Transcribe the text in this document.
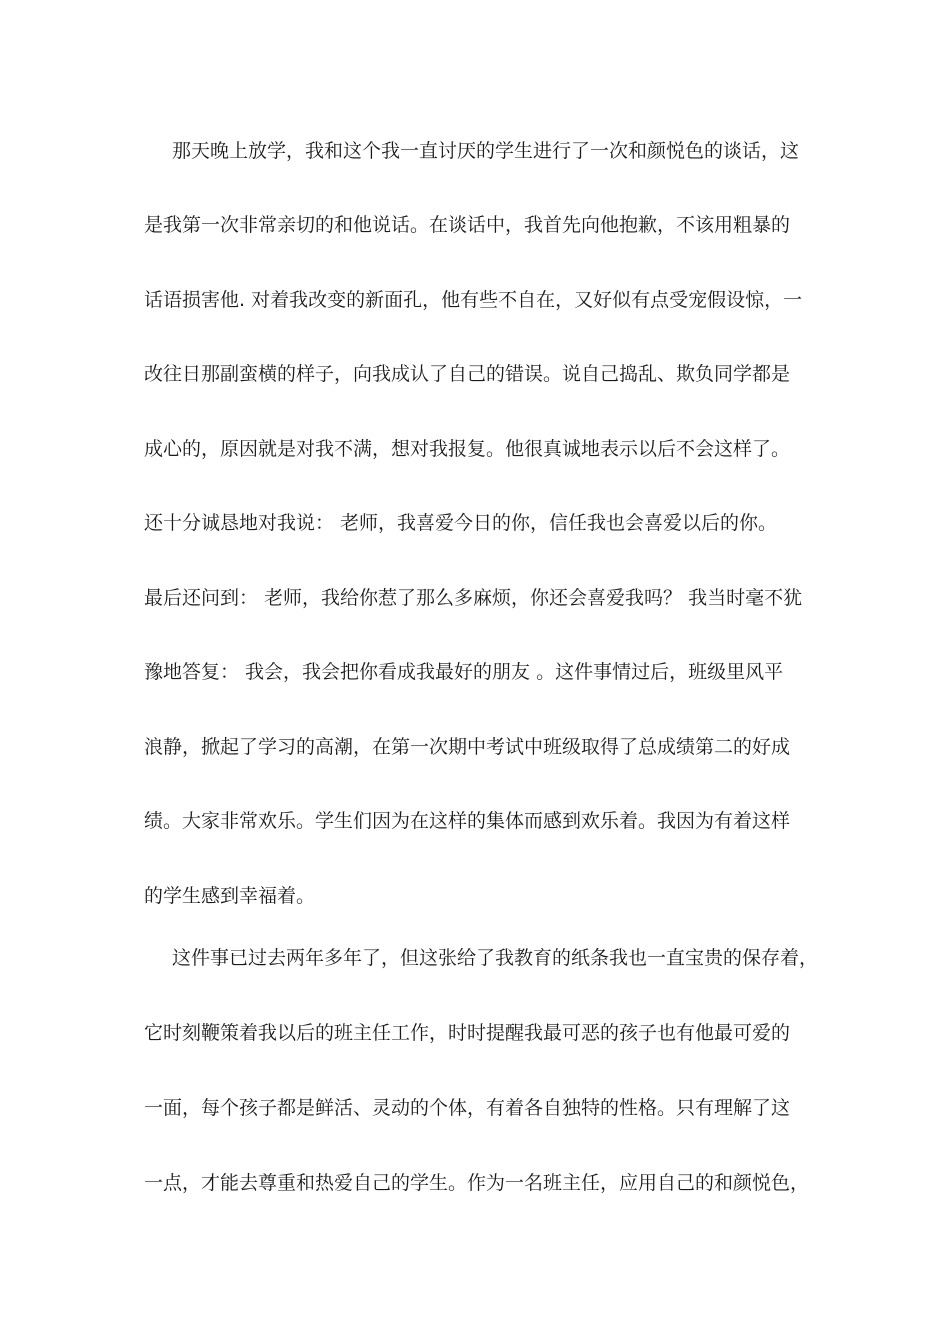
那天晚上放学，我和这个我一直讨厌的学生进行了一次和颜悦色的谈话，这
是我第一次非常亲切的和他说话。在谈话中，我首先向他抱歉，不该用粗暴的
话语损害他. 对着我改变的新面孔，他有些不自在，又好似有点受宠假设惊，一
改往日那副蛮横的样子，向我成认了自己的错误。说自己捣乱、欺负同学都是
成心的，原因就是对我不满，想对我报复。他很真诚地表示以后不会这样了。
还十分诚恳地对我说： 老师，我喜爱今日的你，信任我也会喜爱以后的你。
最后还问到： 老师，我给你惹了那么多麻烦，你还会喜爱我吗？ 我当时毫不犹
豫地答复： 我会，我会把你看成我最好的朋友 。这件事情过后，班级里风平
浪静，掀起了学习的高潮，在第一次期中考试中班级取得了总成绩第二的好成
绩。大家非常欢乐。学生们因为在这样的集体而感到欢乐着。我因为有着这样
的学生感到幸福着。
这件事已过去两年多年了，但这张给了我教育的纸条我也一直宝贵的保存着，
它时刻鞭策着我以后的班主任工作，时时提醒我最可恶的孩子也有他最可爱的
一面，每个孩子都是鲜活、灵动的个体，有着各自独特的性格。只有理解了这
一点，才能去尊重和热爱自己的学生。作为一名班主任，应用自己的和颜悦色，
